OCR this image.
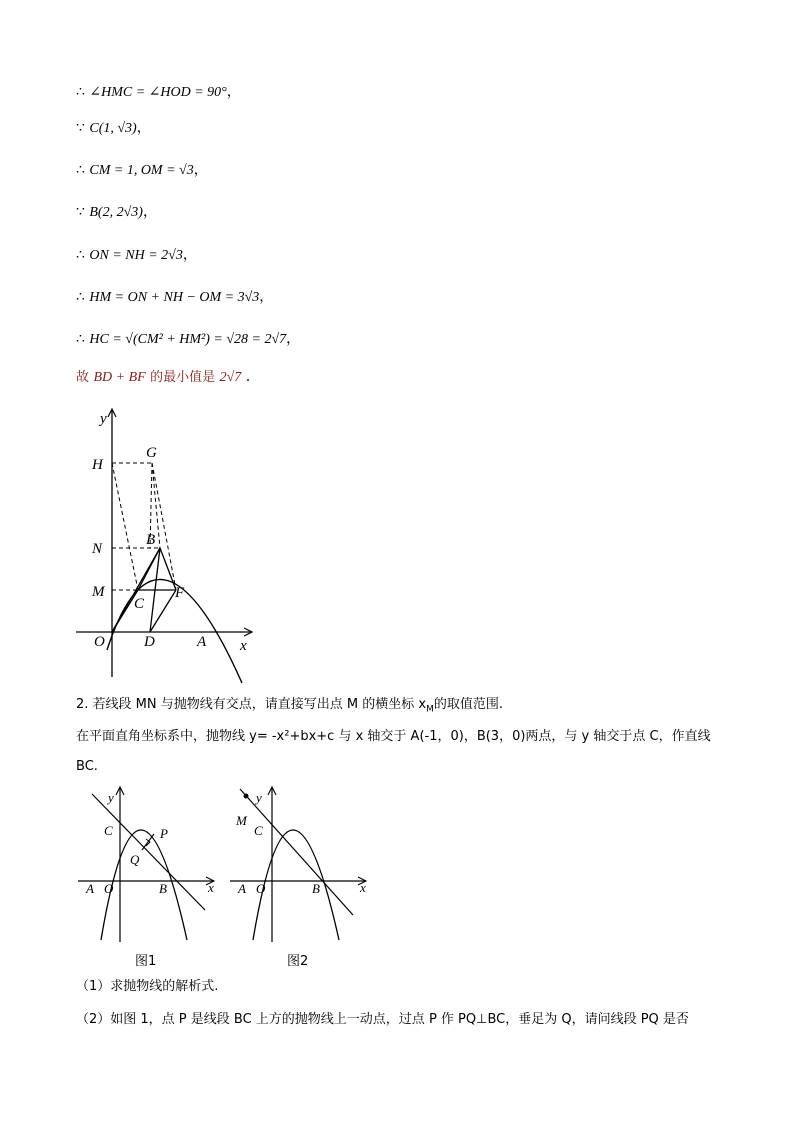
∴ ∠HMC = ∠HOD = 90°，
∵ C(1, √3)，
∴ CM = 1, OM = √3，
∵ B(2, 2√3)，
∴ ON = NH = 2√3，
∴ HM = ON + NH − OM = 3√3，
∴ HC = √(CM² + HM²) = √28 = 2√7，
故 BD + BF 的最小值是 2√7 .
y
x
O	D	A
H
G
N
B
M
C
F
2. 若线段 MN 与抛物线有交点，请直接写出点 M 的横坐标 $x_M$的取值范围.
在平面直角坐标系中，抛物线 y= -x²+bx+c 与 x 轴交于 A(-1，0)，B(3，0)两点，与 y 轴交于点 C，作直线
BC.
y
x
C	P
Q
A O	B
图1
y
x
M
C
A O	B
图2
（1）求抛物线的解析式.
（2）如图 1，点 P 是线段 BC 上方的抛物线上一动点，过点 P 作 PQ⊥BC，垂足为 Q，请问线段 PQ 是否
